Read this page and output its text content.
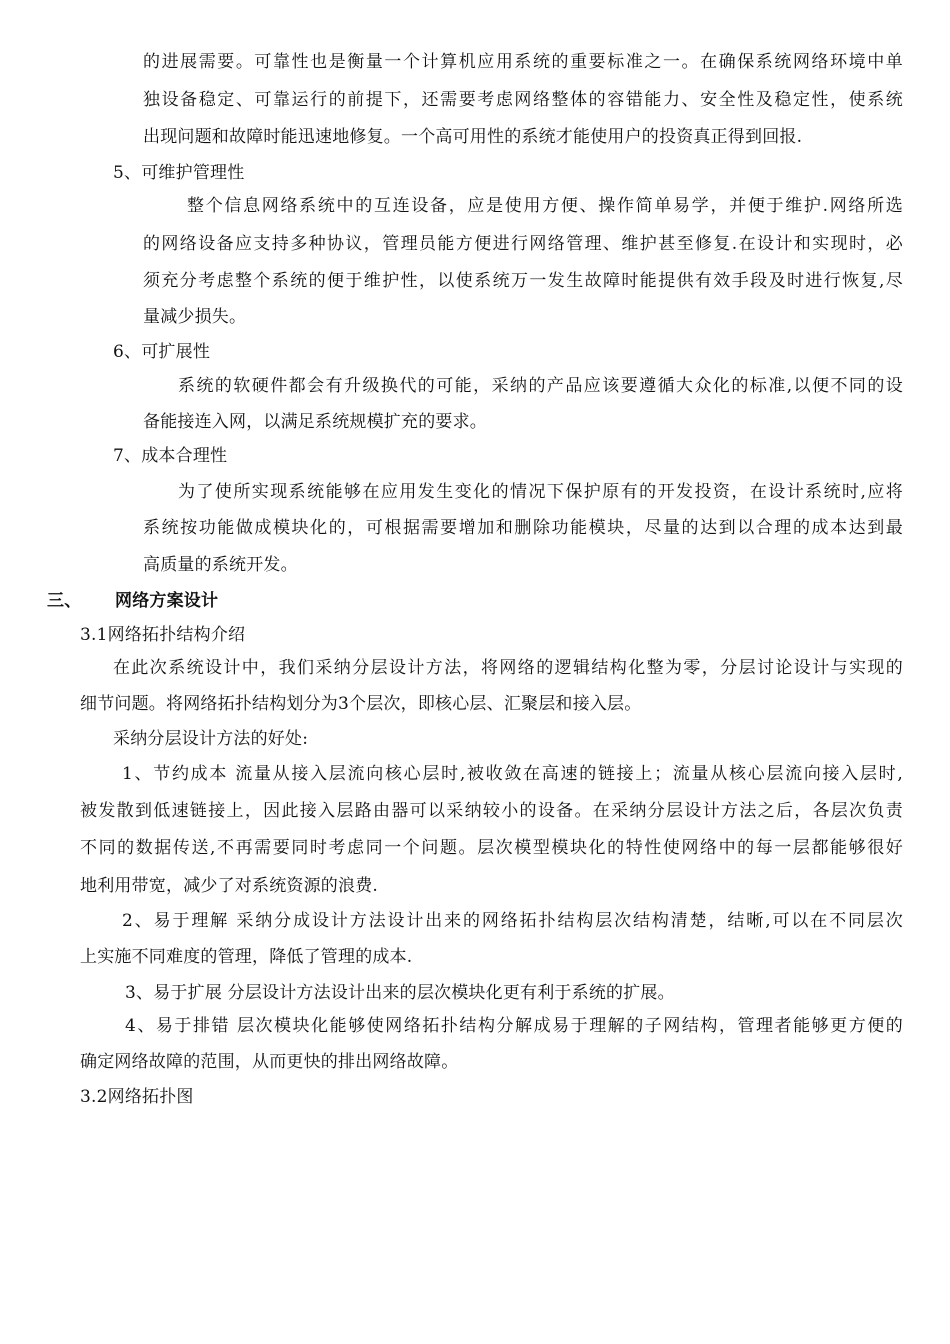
的进展需要。可靠性也是衡量一个计算机应用系统的重要标准之一。在确保系统网络环境中单
独设备稳定、可靠运行的前提下，还需要考虑网络整体的容错能力、安全性及稳定性，使系统
出现问题和故障时能迅速地修复。一个高可用性的系统才能使用户的投资真正得到回报.
5、可维护管理性
整个信息网络系统中的互连设备，应是使用方便、操作简单易学，并便于维护.网络所选
的网络设备应支持多种协议，管理员能方便进行网络管理、维护甚至修复.在设计和实现时，必
须充分考虑整个系统的便于维护性，以使系统万一发生故障时能提供有效手段及时进行恢复,尽
量减少损失。
6、可扩展性
系统的软硬件都会有升级换代的可能，采纳的产品应该要遵循大众化的标准,以便不同的设
备能接连入网，以满足系统规模扩充的要求。
7、成本合理性
为了使所实现系统能够在应用发生变化的情况下保护原有的开发投资，在设计系统时,应将
系统按功能做成模块化的，可根据需要增加和删除功能模块，尽量的达到以合理的成本达到最
高质量的系统开发。
三、 网络方案设计
3.1网络拓扑结构介绍
在此次系统设计中，我们采纳分层设计方法，将网络的逻辑结构化整为零，分层讨论设计与实现的
细节问题。将网络拓扑结构划分为3个层次，即核心层、汇聚层和接入层。
采纳分层设计方法的好处:
1、节约成本 流量从接入层流向核心层时,被收敛在高速的链接上；流量从核心层流向接入层时,
被发散到低速链接上，因此接入层路由器可以采纳较小的设备。在采纳分层设计方法之后，各层次负责
不同的数据传送,不再需要同时考虑同一个问题。层次模型模块化的特性使网络中的每一层都能够很好
地利用带宽，减少了对系统资源的浪费.
2、易于理解 采纳分成设计方法设计出来的网络拓扑结构层次结构清楚，结晰,可以在不同层次
上实施不同难度的管理，降低了管理的成本.
3、易于扩展 分层设计方法设计出来的层次模块化更有利于系统的扩展。
4、易于排错 层次模块化能够使网络拓扑结构分解成易于理解的子网结构，管理者能够更方便的
确定网络故障的范围，从而更快的排出网络故障。
3.2网络拓扑图
